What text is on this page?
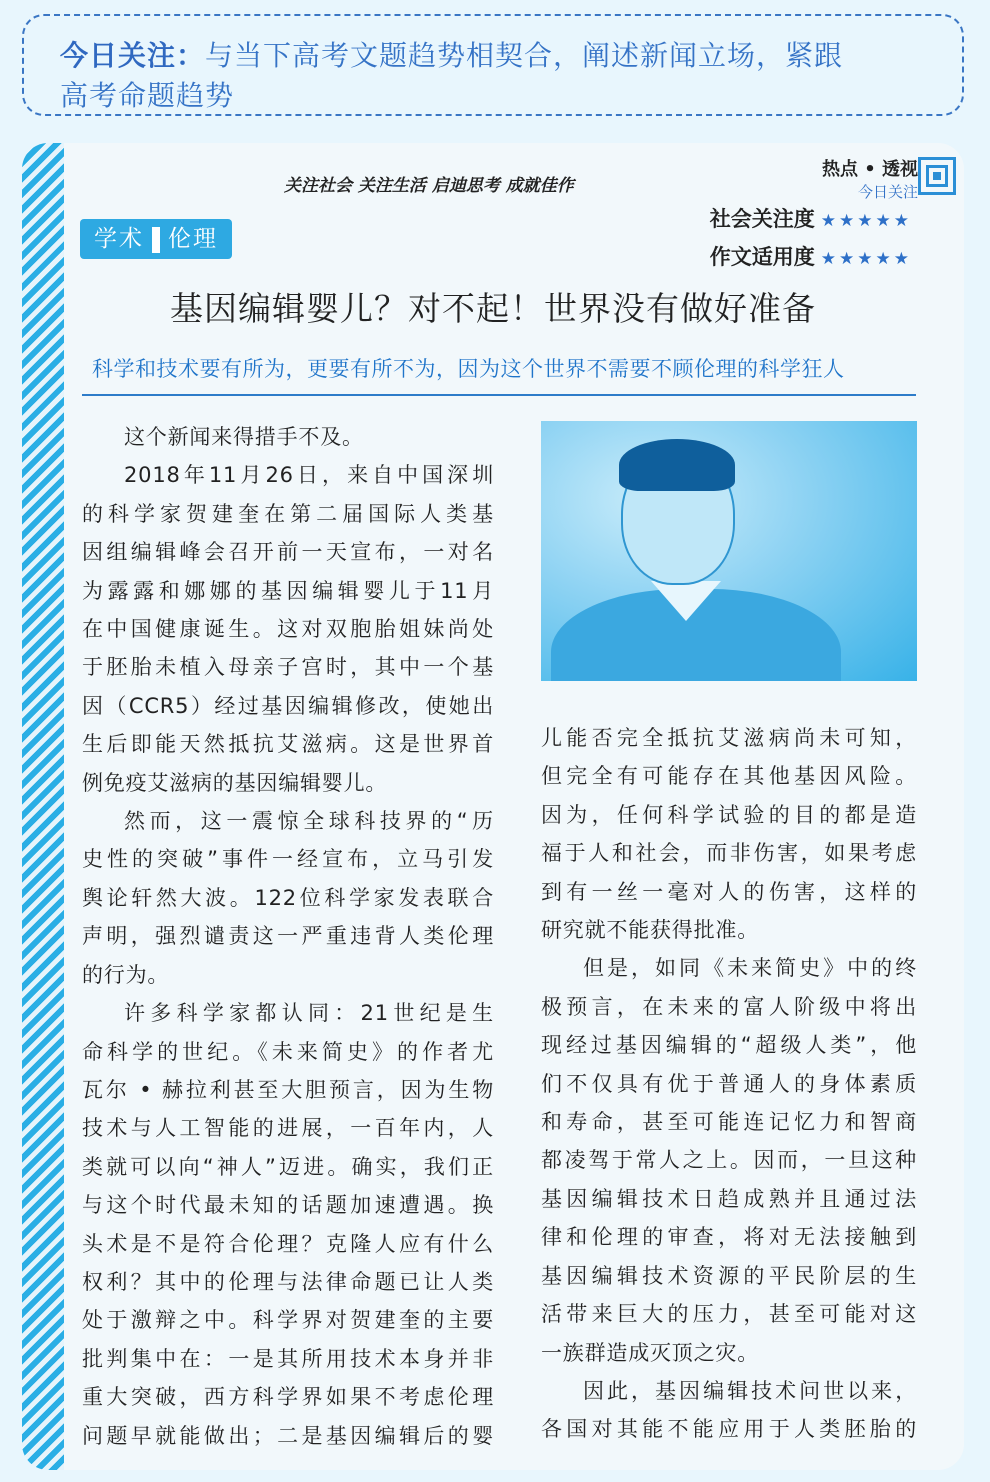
今日关注：与当下高考文题趋势相契合，阐述新闻立场，紧跟
高考命题趋势
关注社会 关注生活 启迪思考 成就佳作
热点 • 透视
今日关注
社会关注度 ★★★★★
作文适用度 ★★★★★
学术 伦理
基因编辑婴儿？对不起！世界没有做好准备
科学和技术要有所为，更要有所不为，因为这个世界不需要不顾伦理的科学狂人

这个新闻来得措手不及。

2018年11月26日，来自中国深圳

的科学家贺建奎在第二届国际人类基

因组编辑峰会召开前一天宣布，一对名

为露露和娜娜的基因编辑婴儿于11月

在中国健康诞生。这对双胞胎姐妹尚处

于胚胎未植入母亲子宫时，其中一个基

因（CCR5）经过基因编辑修改，使她出

生后即能天然抵抗艾滋病。这是世界首

例免疫艾滋病的基因编辑婴儿。

然而，这一震惊全球科技界的“历

史性的突破”事件一经宣布，立马引发

舆论轩然大波。122位科学家发表联合

声明，强烈谴责这一严重违背人类伦理

的行为。

许多科学家都认同：21世纪是生

命科学的世纪。《未来简史》的作者尤

瓦尔 • 赫拉利甚至大胆预言，因为生物

技术与人工智能的进展，一百年内，人

类就可以向“神人”迈进。确实，我们正

与这个时代最未知的话题加速遭遇。换

头术是不是符合伦理？克隆人应有什么

权利？其中的伦理与法律命题已让人类

处于激辩之中。科学界对贺建奎的主要

批判集中在：一是其所用技术本身并非

重大突破，西方科学界如果不考虑伦理

问题早就能做出；二是基因编辑后的婴

儿能否完全抵抗艾滋病尚未可知，

但完全有可能存在其他基因风险。

因为，任何科学试验的目的都是造

福于人和社会，而非伤害，如果考虑

到有一丝一毫对人的伤害，这样的

研究就不能获得批准。

但是，如同《未来简史》中的终

极预言，在未来的富人阶级中将出

现经过基因编辑的“超级人类”，他

们不仅具有优于普通人的身体素质

和寿命，甚至可能连记忆力和智商

都凌驾于常人之上。因而，一旦这种

基因编辑技术日趋成熟并且通过法

律和伦理的审查，将对无法接触到

基因编辑技术资源的平民阶层的生

活带来巨大的压力，甚至可能对这

一族群造成灭顶之灾。

因此，基因编辑技术问世以来，

各国对其能不能应用于人类胚胎的
